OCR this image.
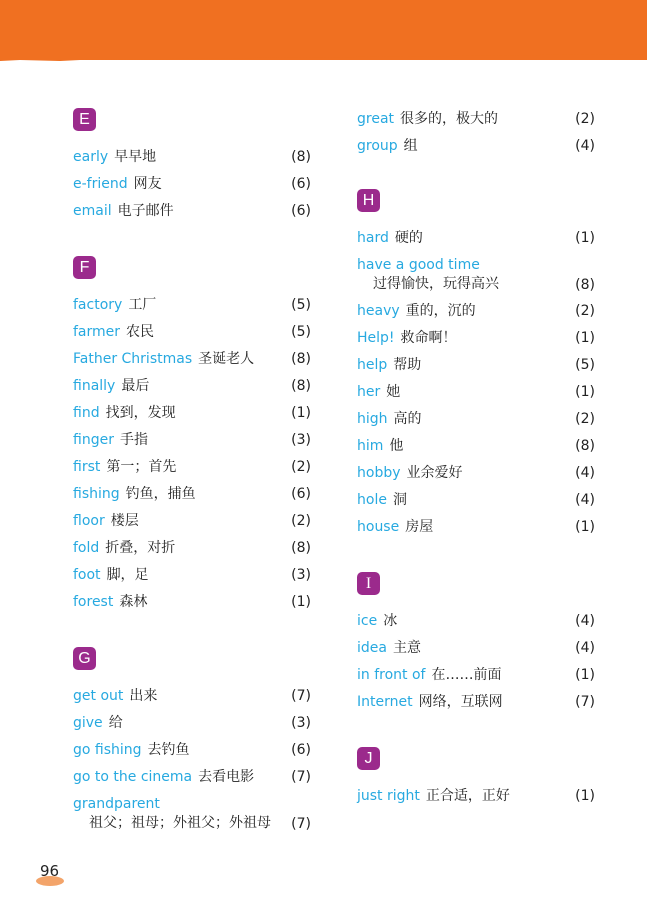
E
early 早早地	(8)
e-friend 网友	(6)
email 电子邮件	(6)
F
factory 工厂	(5)
farmer 农民	(5)
Father Christmas 圣诞老人	(8)
finally 最后	(8)
find 找到，发现	(1)
finger 手指	(3)
first 第一；首先	(2)
fishing 钓鱼，捕鱼	(6)
floor 楼层	(2)
fold 折叠，对折	(8)
foot 脚，足	(3)
forest 森林	(1)
G
get out 出来	(7)
give 给	(3)
go fishing 去钓鱼	(6)
go to the cinema 去看电影	(7)
grandparent
祖父；祖母；外祖父；外祖母	(7)
great 很多的，极大的	(2)
group 组	(4)
H
hard 硬的	(1)
have a good time
过得愉快，玩得高兴	(8)
heavy 重的，沉的	(2)
Help! 救命啊！	(1)
help 帮助	(5)
her 她	(1)
high 高的	(2)
him 他	(8)
hobby 业余爱好	(4)
hole 洞	(4)
house 房屋	(1)
I
ice 冰	(4)
idea 主意	(4)
in front of 在……前面	(1)
Internet 网络，互联网	(7)
J
just right 正合适，正好	(1)
96
